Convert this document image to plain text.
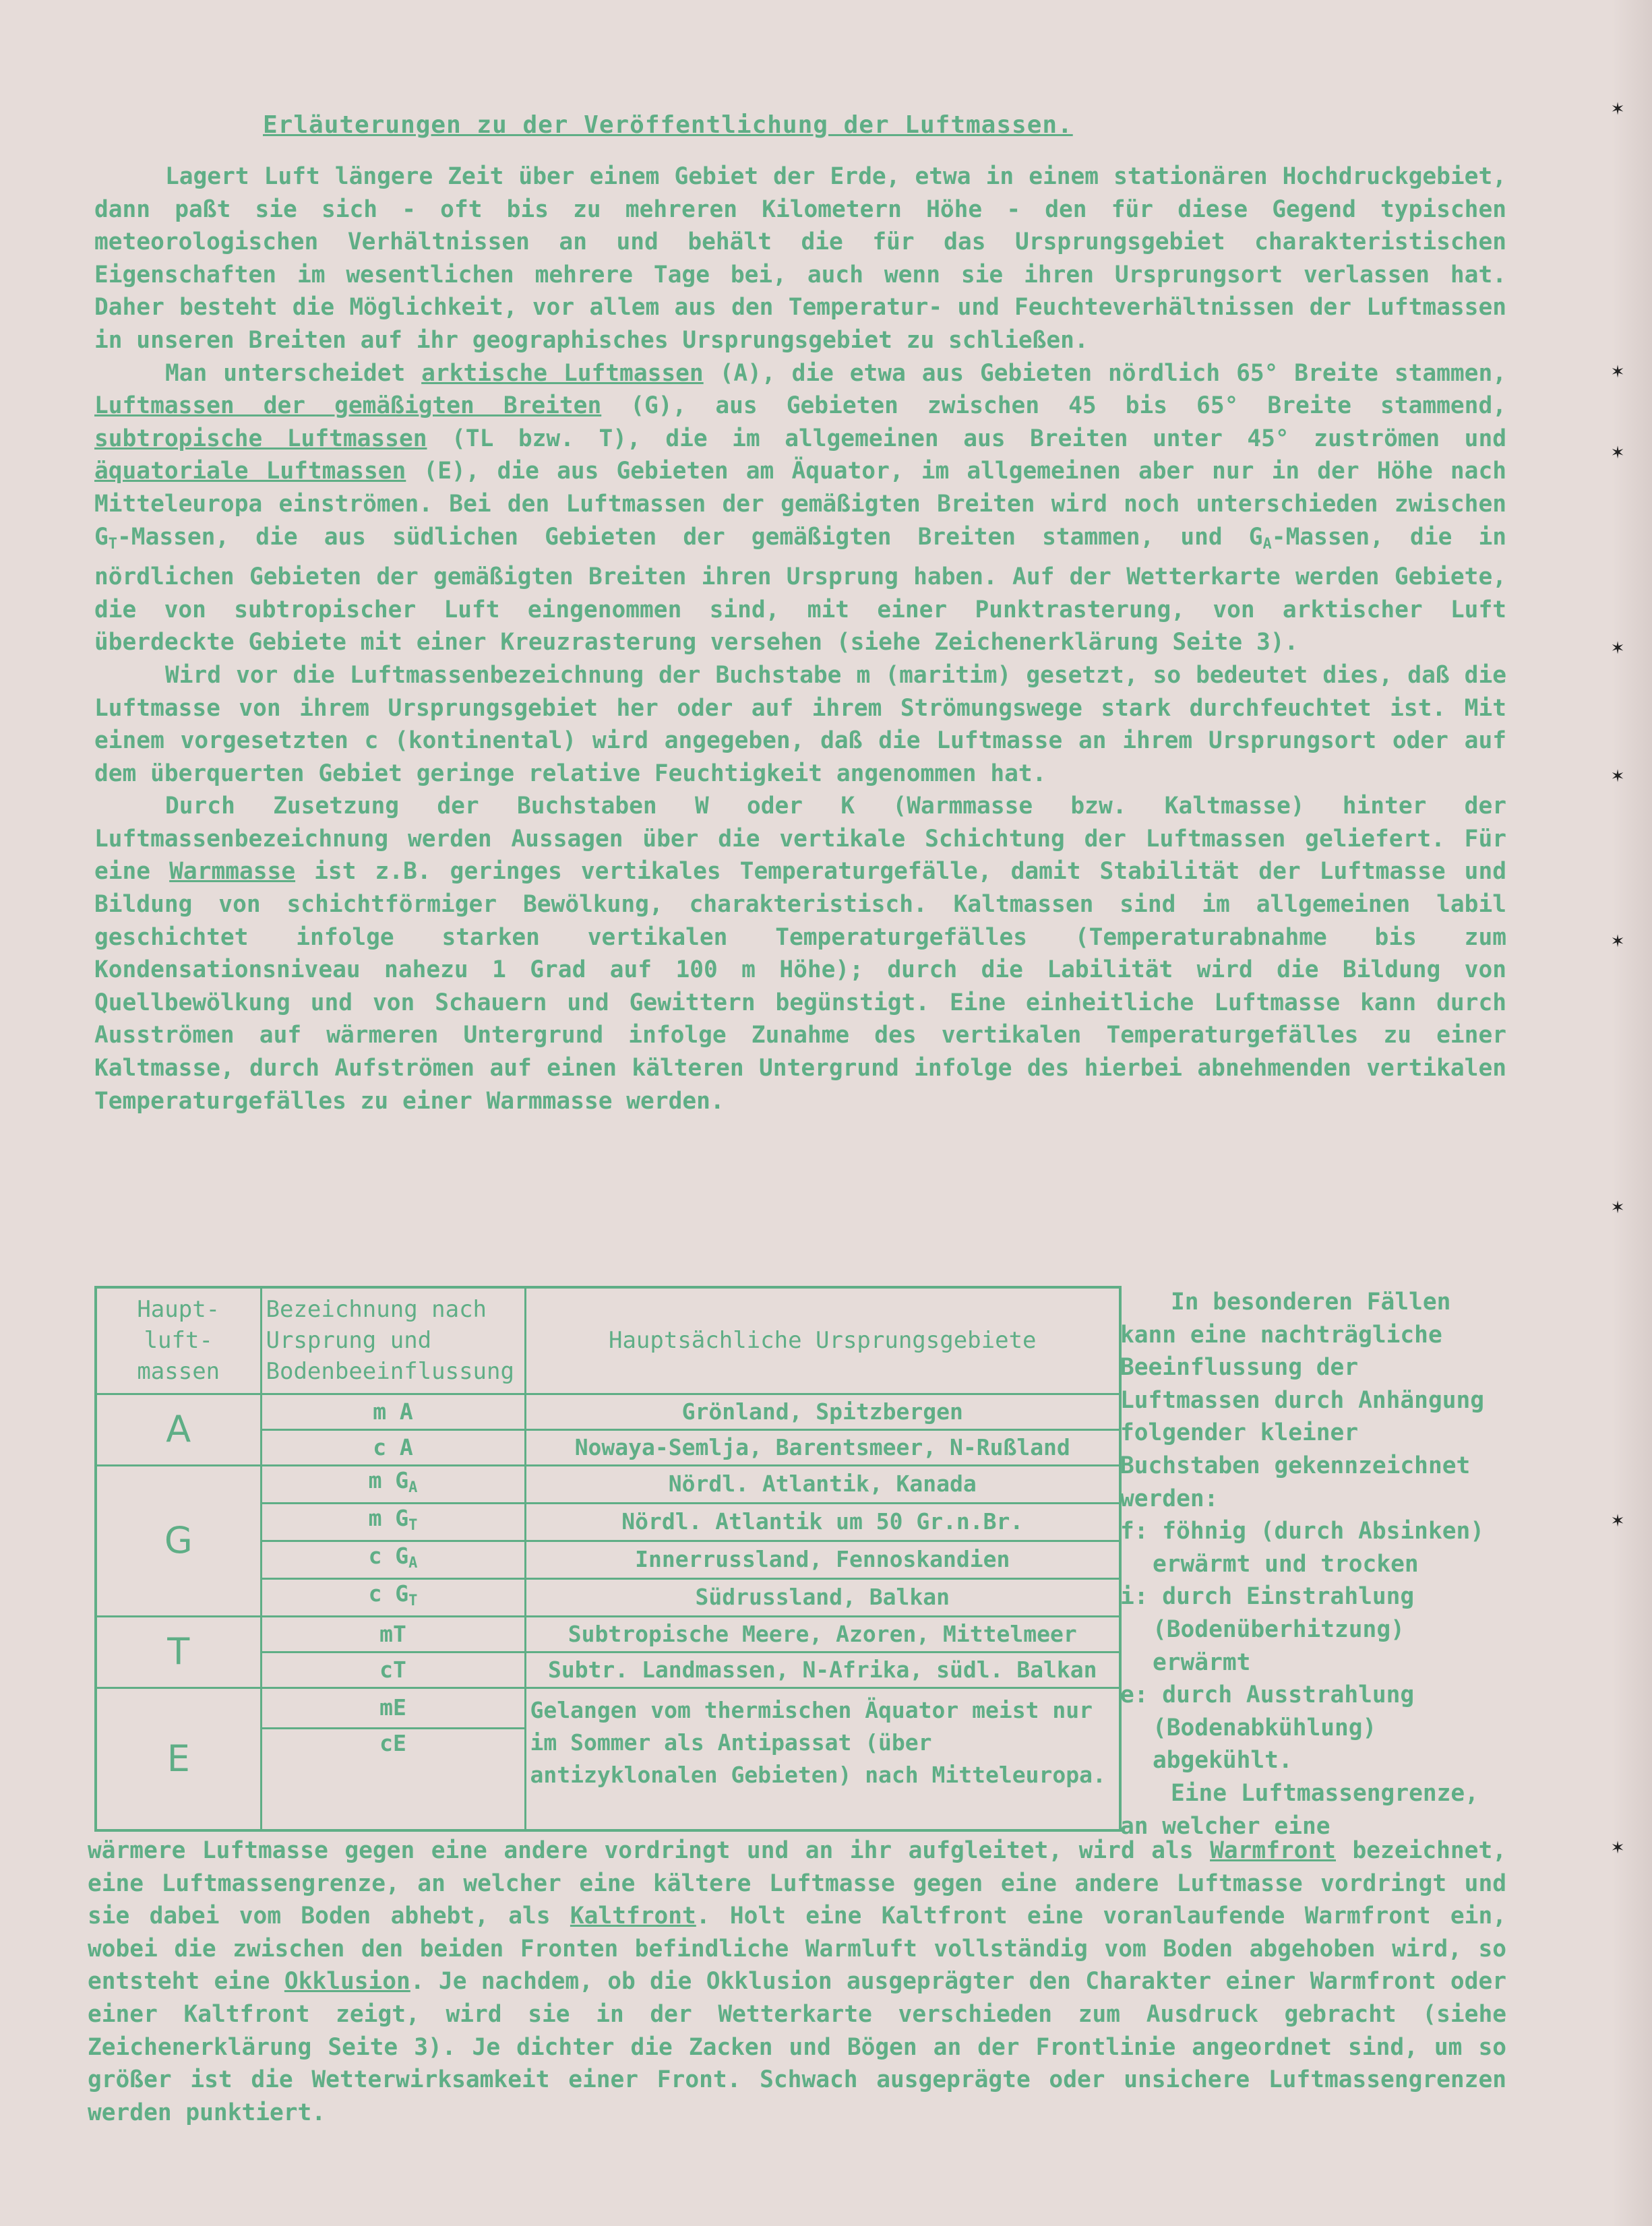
✶
✶
✶
✶
✶
✶
✶
✶
✶
Erläuterungen zu der Veröffentlichung der Luftmassen.

Lagert Luft längere Zeit über einem Gebiet der Erde, etwa in einem stationären Hochdruckgebiet, dann paßt sie sich - oft bis zu mehreren Kilometern Höhe - den für diese Gegend typischen meteorologischen Verhältnissen an und behält die für das Ursprungsgebiet charakteristischen Eigenschaften im wesentlichen mehrere Tage bei, auch wenn sie ihren Ursprungsort verlassen hat. Daher besteht die Möglichkeit, vor allem aus den Temperatur- und Feuchteverhältnissen der Luftmassen in unseren Breiten auf ihr geographisches Ursprungsgebiet zu schließen.

Man unterscheidet arktische Luftmassen (A), die etwa aus Gebieten nördlich 65° Breite stammen, Luftmassen der gemäßigten Breiten (G), aus Gebieten zwischen 45 bis 65° Breite stammend, subtropische Luftmassen (TL bzw. T), die im allgemeinen aus Breiten unter 45° zuströmen und äquatoriale Luftmassen (E), die aus Gebieten am Äquator, im allgemeinen aber nur in der Höhe nach Mitteleuropa einströmen. Bei den Luftmassen der gemäßigten Breiten wird noch unterschieden zwischen $G_T$-Massen, die aus südlichen Gebieten der gemäßigten Breiten stammen, und $G_A$-Massen, die in nördlichen Gebieten der gemäßigten Breiten ihren Ursprung haben. Auf der Wetterkarte werden Gebiete, die von subtropischer Luft eingenommen sind, mit einer Punktrasterung, von arktischer Luft überdeckte Gebiete mit einer Kreuzrasterung versehen (siehe Zeichenerklärung Seite 3).

Wird vor die Luftmassenbezeichnung der Buchstabe m (maritim) gesetzt, so bedeutet dies, daß die Luftmasse von ihrem Ursprungsgebiet her oder auf ihrem Strömungswege stark durchfeuchtet ist. Mit einem vorgesetzten c (kontinental) wird angegeben, daß die Luftmasse an ihrem Ursprungsort oder auf dem überquerten Gebiet geringe relative Feuchtigkeit angenommen hat.

Durch Zusetzung der Buchstaben W oder K (Warmmasse bzw. Kaltmasse) hinter der Luftmassenbezeichnung werden Aussagen über die vertikale Schichtung der Luftmassen geliefert. Für eine Warmmasse ist z.B. geringes vertikales Temperaturgefälle, damit Stabilität der Luftmasse und Bildung von schichtförmiger Bewölkung, charakteristisch. Kaltmassen sind im allgemeinen labil geschichtet infolge starken vertikalen Temperaturgefälles (Temperaturabnahme bis zum Kondensationsniveau nahezu 1 Grad auf 100 m Höhe); durch die Labilität wird die Bildung von Quellbewölkung und von Schauern und Gewittern begünstigt. Eine einheitliche Luftmasse kann durch Ausströmen auf wärmeren Untergrund infolge Zunahme des vertikalen Temperaturgefälles zu einer Kaltmasse, durch Aufströmen auf einen kälteren Untergrund infolge des hierbei abnehmenden vertikalen Temperaturgefälles zu einer Warmmasse werden.

Haupt- luft- massen	Bezeichnung nach Ursprung und Bodenbeeinflussung	Hauptsächliche Ursprungsgebiete
A	m A	Grönland, Spitzbergen
	c A	Nowaya-Semlja, Barentsmeer, N-Rußland
G	m $G_A$	Nördl. Atlantik, Kanada
	m $G_T$	Nördl. Atlantik um 50 Gr.n.Br.
	c $G_A$	Innerrussland, Fennoskandien
	c $G_T$	Südrussland, Balkan
T	mT	Subtropische Meere, Azoren, Mittelmeer
	cT	Subtr. Landmassen, N-Afrika, südl. Balkan
E	mE	Gelangen vom thermischen Äquator meist nur im Sommer als Antipassat (über antizyklonalen Gebieten) nach Mitteleuropa.
	cE	

In besonderen Fällen kann eine nachträgliche Beeinflussung der Luftmassen durch Anhängung folgender kleiner Buchstaben gekennzeichnet werden:

f: föhnig (durch Absinken) erwärmt und trocken

i: durch Einstrahlung (Bodenüberhitzung) erwärmt

e: durch Ausstrahlung (Bodenabkühlung) abgekühlt.

Eine Luftmassengrenze, an welcher eine

wärmere Luftmasse gegen eine andere vordringt und an ihr aufgleitet, wird als Warmfront bezeichnet, eine Luftmassengrenze, an welcher eine kältere Luftmasse gegen eine andere Luftmasse vordringt und sie dabei vom Boden abhebt, als Kaltfront. Holt eine Kaltfront eine voranlaufende Warmfront ein, wobei die zwischen den beiden Fronten befindliche Warmluft vollständig vom Boden abgehoben wird, so entsteht eine Okklusion. Je nachdem, ob die Okklusion ausgeprägter den Charakter einer Warmfront oder einer Kaltfront zeigt, wird sie in der Wetterkarte verschieden zum Ausdruck gebracht (siehe Zeichenerklärung Seite 3). Je dichter die Zacken und Bögen an der Frontlinie angeordnet sind, um so größer ist die Wetterwirksamkeit einer Front. Schwach ausgeprägte oder unsichere Luftmassengrenzen werden punktiert.
